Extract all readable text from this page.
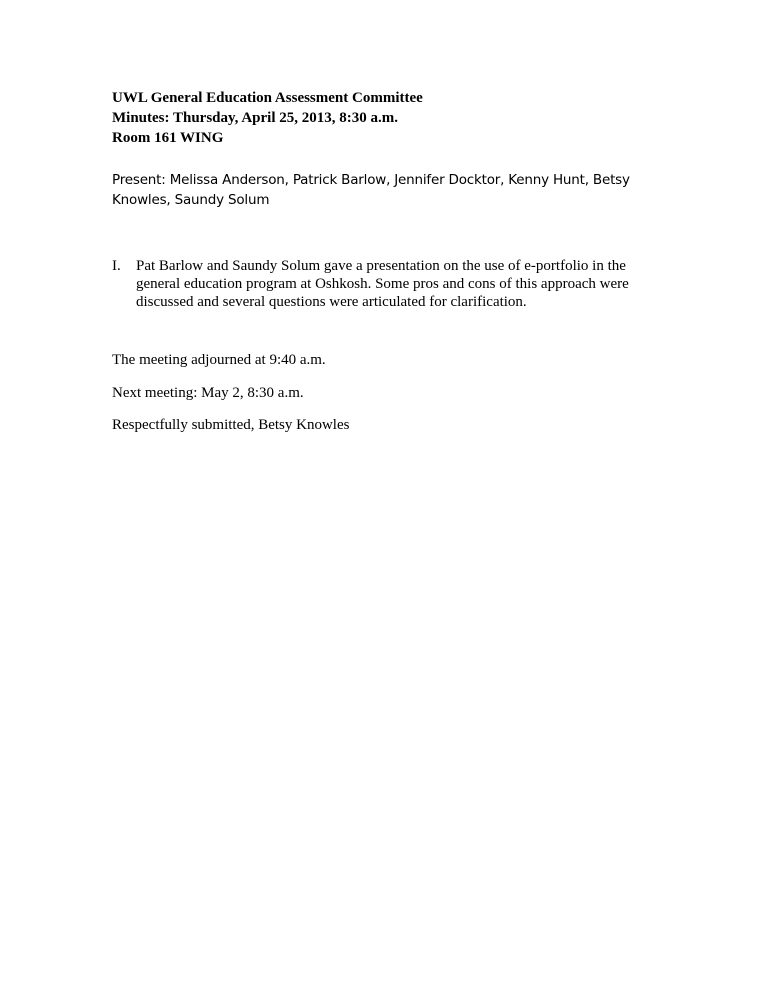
UWL General Education Assessment Committee
Minutes: Thursday, April 25, 2013, 8:30 a.m.
Room 161 WING
Present: Melissa Anderson, Patrick Barlow, Jennifer Docktor, Kenny Hunt, Betsy Knowles, Saundy Solum
I.	Pat Barlow and Saundy Solum gave a presentation on the use of e-portfolio in the general education program at Oshkosh. Some pros and cons of this approach were discussed and several questions were articulated for clarification.
The meeting adjourned at 9:40 a.m.
Next meeting: May 2, 8:30 a.m.
Respectfully submitted, Betsy Knowles
